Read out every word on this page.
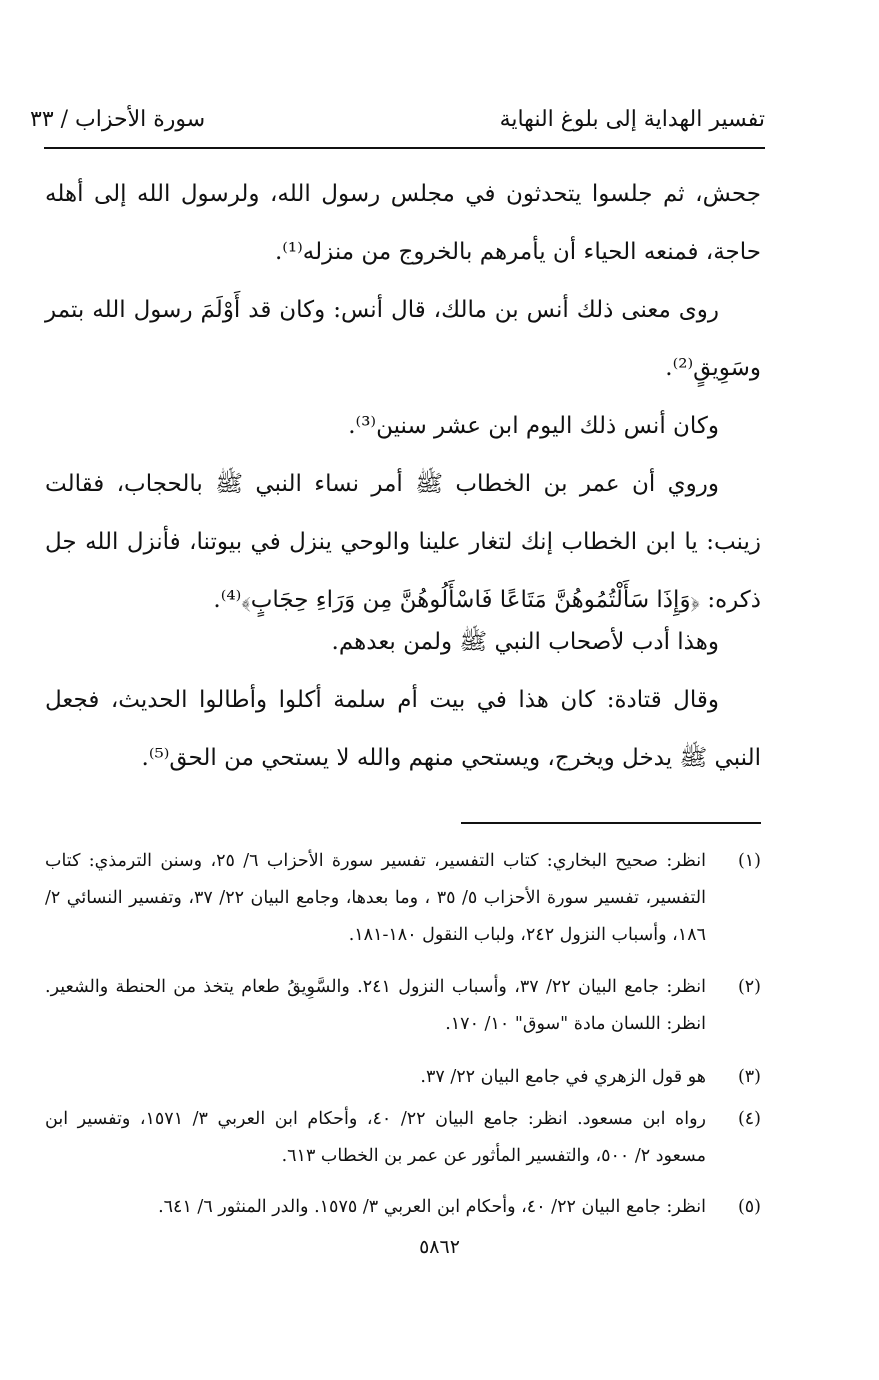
تفسير الهداية إلى بلوغ النهاية
سورة الأحزاب / ٣٣

جحش، ثم جلسوا يتحدثون في مجلس رسول الله، ولرسول الله إلى أهله حاجة، فمنعه الحياء أن يأمرهم بالخروج من منزله⁽¹⁾.

روى معنى ذلك أنس بن مالك، قال أنس: وكان قد أَوْلَمَ رسول الله بتمر وسَوِيقٍ⁽²⁾.

وكان أنس ذلك اليوم ابن عشر سنين⁽³⁾.

وروي أن عمر بن الخطاب ﷺ أمر نساء النبي ﷺ بالحجاب، فقالت زينب: يا ابن الخطاب إنك لتغار علينا والوحي ينزل في بيوتنا، فأنزل الله جل ذكره: ﴿وَإِذَا سَأَلْتُمُوهُنَّ مَتَاعًا فَاسْأَلُوهُنَّ مِن وَرَاءِ حِجَابٍ﴾⁽⁴⁾.

وهذا أدب لأصحاب النبي ﷺ ولمن بعدهم.

وقال قتادة: كان هذا في بيت أم سلمة أكلوا وأطالوا الحديث، فجعل النبي ﷺ يدخل ويخرج، ويستحي منهم والله لا يستحي من الحق⁽⁵⁾.

(١)
انظر: صحيح البخاري: كتاب التفسير، تفسير سورة الأحزاب ٦/ ٢٥، وسنن الترمذي: كتاب التفسير، تفسير سورة الأحزاب ٥/ ٣٥ ، وما بعدها، وجامع البيان ٢٢/ ٣٧، وتفسير النسائي ٢/ ١٨٦، وأسباب النزول ٢٤٢، ولباب النقول ١٨٠-١٨١.
(٢)
انظر: جامع البيان ٢٢/ ٣٧، وأسباب النزول ٢٤١. والسَّوِيقُ طعام يتخذ من الحنطة والشعير. انظر: اللسان مادة "سوق" ١٠/ ١٧٠.
(٣)
هو قول الزهري في جامع البيان ٢٢/ ٣٧.
(٤)
رواه ابن مسعود. انظر: جامع البيان ٢٢/ ٤٠، وأحكام ابن العربي ٣/ ١٥٧١، وتفسير ابن مسعود ٢/ ٥٠٠، والتفسير المأثور عن عمر بن الخطاب ٦١٣.
(٥)
انظر: جامع البيان ٢٢/ ٤٠، وأحكام ابن العربي ٣/ ١٥٧٥. والدر المنثور ٦/ ٦٤١.
٥٨٦٢
